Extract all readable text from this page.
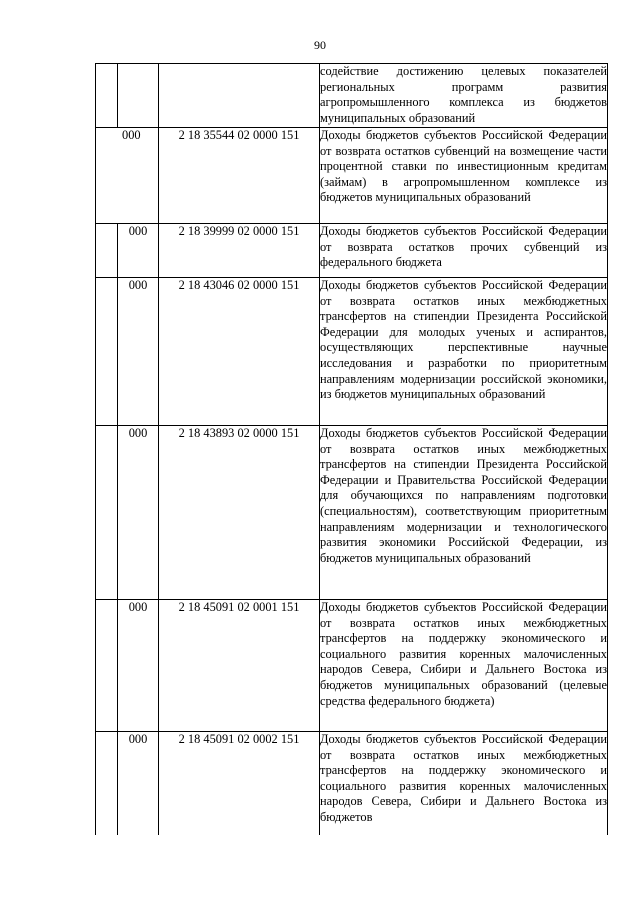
90

			содействие достижению целевых показателей региональных программ развития агропромышленного комплекса из бюджетов муниципальных образований

000		2 18 35544 02 0000 151	Доходы бюджетов субъектов Российской Федерации от возврата остатков субвенций на возмещение части процентной ставки по инвестиционным кредитам (займам) в агропромышленном комплексе из бюджетов муниципальных образований

	000	2 18 39999 02 0000 151	Доходы бюджетов субъектов Российской Федерации от возврата остатков прочих субвенций из федерального бюджета

	000	2 18 43046 02 0000 151	Доходы бюджетов субъектов Российской Федерации от возврата остатков иных межбюджетных трансфертов на стипендии Президента Российской Федерации для молодых ученых и аспирантов, осуществляющих перспективные научные исследования и разработки по приоритетным направлениям модернизации российской экономики, из бюджетов муниципальных образований

	000	2 18 43893 02 0000 151	Доходы бюджетов субъектов Российской Федерации от возврата остатков иных межбюджетных трансфертов на стипендии Президента Российской Федерации и Правительства Российской Федерации для обучающихся по направлениям подготовки (специальностям), соответствующим приоритетным направлениям модернизации и технологического развития экономики Российской Федерации, из бюджетов муниципальных образований

	000	2 18 45091 02 0001 151	Доходы бюджетов субъектов Российской Федерации от возврата остатков иных межбюджетных трансфертов на поддержку экономического и социального развития коренных малочисленных народов Севера, Сибири и Дальнего Востока из бюджетов муниципальных образований (целевые средства федерального бюджета)

	000	2 18 45091 02 0002 151	Доходы бюджетов субъектов Российской Федерации от возврата остатков иных межбюджетных трансфертов на поддержку экономического и социального развития коренных малочисленных народов Севера, Сибири и Дальнего Востока из бюджетов
